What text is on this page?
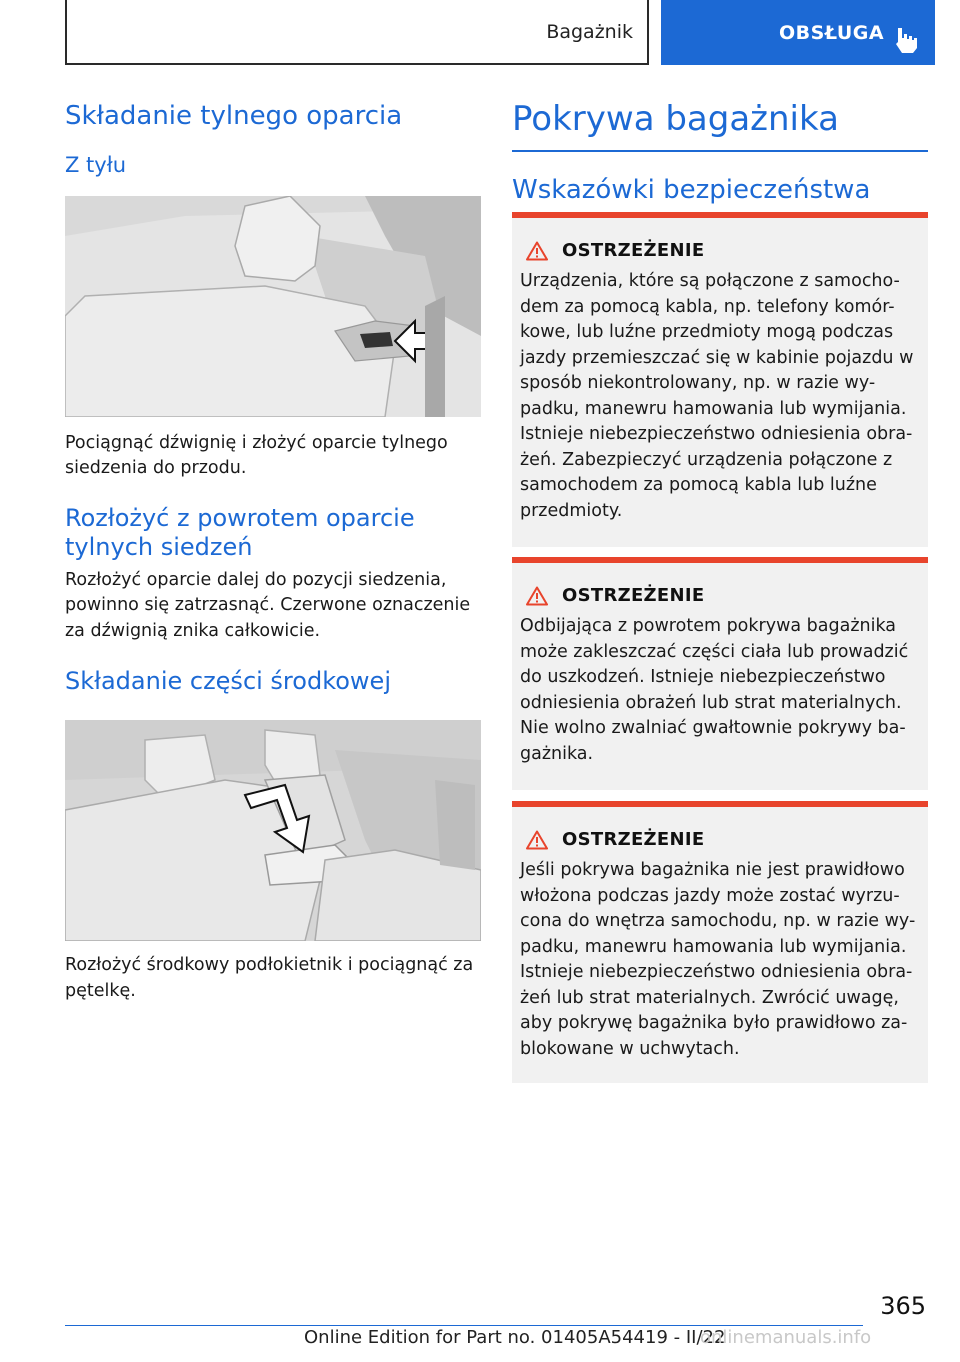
Bagażnik	OBSŁUGA
Składanie tylnego oparcia
Z tyłu
Pociągnąć dźwignię i złożyć oparcie tylnego siedzenia do przodu.
Rozłożyć z powrotem oparcie tylnych siedzeń
Rozłożyć oparcie dalej do pozycji siedzenia, powinno się zatrzasnąć. Czerwone oznaczenie za dźwignią znika całkowicie.
Składanie części środkowej
Rozłożyć środkowy podłokietnik i pociągnąć za pętelkę.
Pokrywa bagażnika
Wskazówki bezpieczeństwa
OSTRZEŻENIE
Urządzenia, które są połączone z samocho-dem za pomocą kabla, np. telefony komór-kowe, lub luźne przedmioty mogą podczas jazdy przemieszczać się w kabinie pojazdu w sposób niekontrolowany, np. w razie wy-padku, manewru hamowania lub wymijania. Istnieje niebezpieczeństwo odniesienia obra-żeń. Zabezpieczyć urządzenia połączone z samochodem za pomocą kabla lub luźne przedmioty.
OSTRZEŻENIE
Odbijająca z powrotem pokrywa bagażnika może zakleszczać części ciała lub prowadzić do uszkodzeń. Istnieje niebezpieczeństwo odniesienia obrażeń lub strat materialnych. Nie wolno zwalniać gwałtownie pokrywy ba-gażnika.
OSTRZEŻENIE
Jeśli pokrywa bagażnika nie jest prawidłowo włożona podczas jazdy może zostać wyrzu-cona do wnętrza samochodu, np. w razie wy-padku, manewru hamowania lub wymijania. Istnieje niebezpieczeństwo odniesienia obra-żeń lub strat materialnych. Zwrócić uwagę, aby pokrywę bagażnika było prawidłowo za-blokowane w uchwytach.
365
Online Edition for Part no. 01405A54419 - II/22
onlinemanuals.info
